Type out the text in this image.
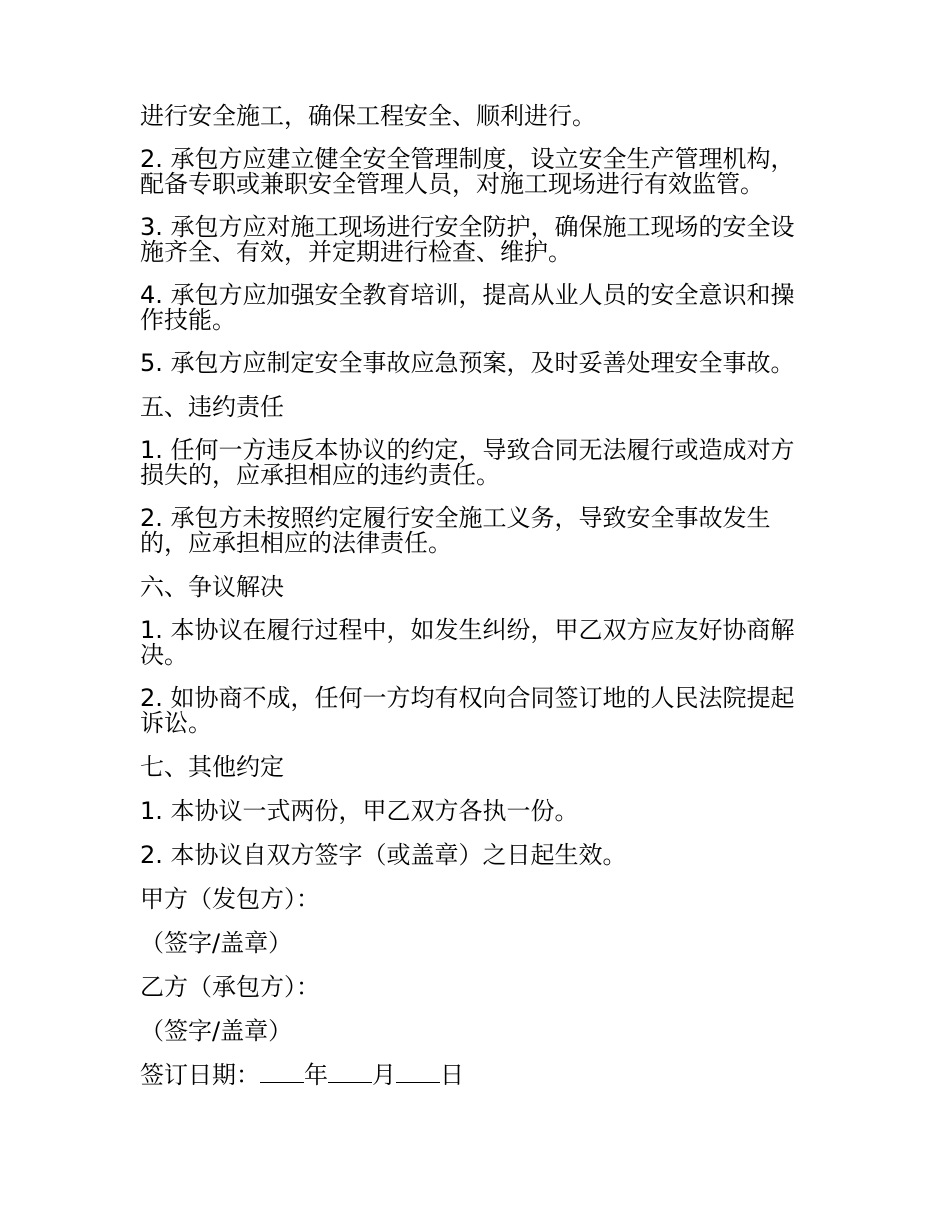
进行安全施工，确保工程安全、顺利进行。

2. 承包方应建立健全安全管理制度，设立安全生产管理机构，配备专职或兼职安全管理人员，对施工现场进行有效监管。

3. 承包方应对施工现场进行安全防护，确保施工现场的安全设施齐全、有效，并定期进行检查、维护。

4. 承包方应加强安全教育培训，提高从业人员的安全意识和操作技能。

5. 承包方应制定安全事故应急预案，及时妥善处理安全事故。

五、违约责任

1. 任何一方违反本协议的约定，导致合同无法履行或造成对方损失的，应承担相应的违约责任。

2. 承包方未按照约定履行安全施工义务，导致安全事故发生的，应承担相应的法律责任。

六、争议解决

1. 本协议在履行过程中，如发生纠纷，甲乙双方应友好协商解决。

2. 如协商不成，任何一方均有权向合同签订地的人民法院提起诉讼。

七、其他约定

1. 本协议一式两份，甲乙双方各执一份。

2. 本协议自双方签字（或盖章）之日起生效。

甲方（发包方）：

（签字/盖章）

乙方（承包方）：

（签字/盖章）

签订日期： 年 月 日
